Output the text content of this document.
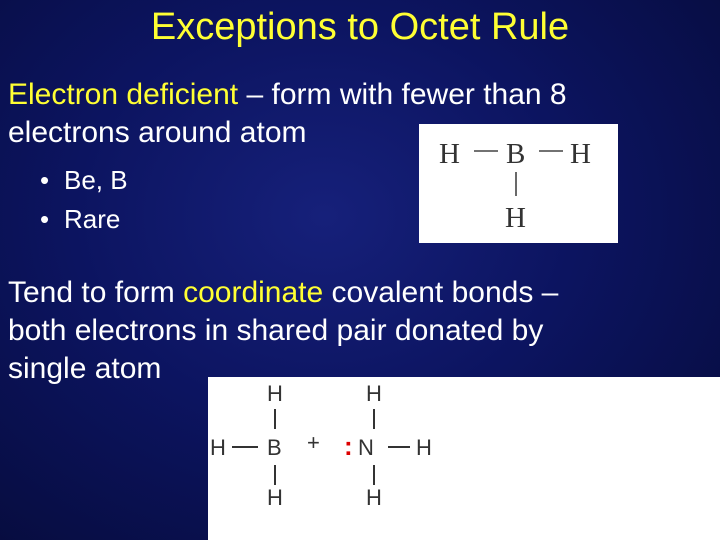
Exceptions to Octet Rule

Electron deficient – form with fewer than 8
electrons around atom

• Be, B
• Rare
H B H
H

Tend to form coordinate covalent bonds –
both electrons in shared pair donated by
single atom

H
H B
H
+ :
H
N H
H
